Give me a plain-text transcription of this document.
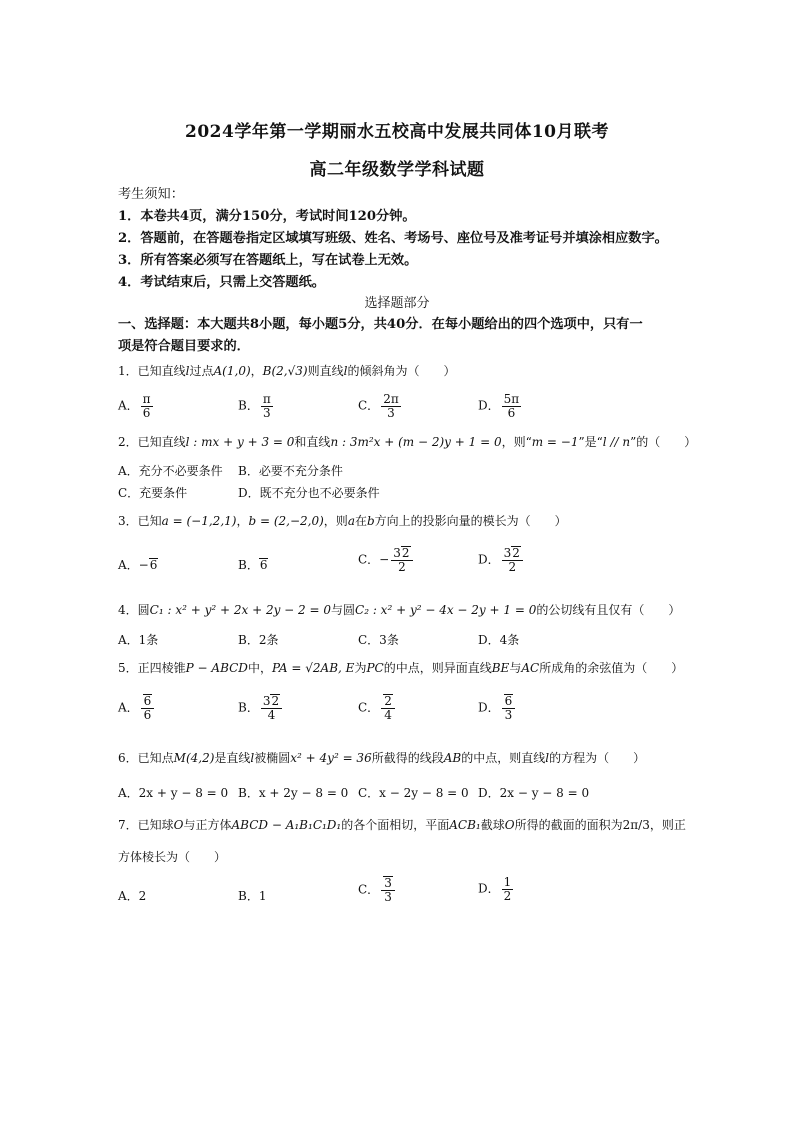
2024学年第一学期丽水五校高中发展共同体10月联考
高二年级数学学科试题
考生须知：
1．本卷共4页，满分150分，考试时间120分钟。
2．答题前，在答题卷指定区域填写班级、姓名、考场号、座位号及准考证号并填涂相应数字。
3．所有答案必须写在答题纸上，写在试卷上无效。
4．考试结束后，只需上交答题纸。
选择题部分
一、选择题：本大题共8小题，每小题5分，共40分．在每小题给出的四个选项中，只有一
项是符合题目要求的．
1．已知直线l过点A(1,0)，B(2,√3)则直线l的倾斜角为（　　）
A． $\frac{\pi}{6}$	B． $\frac{\pi}{3}$	C． $\frac{2\pi}{3}$	D． $\frac{5\pi}{6}$
2．已知直线l : mx + y + 3 = 0和直线n : 3m²x + (m − 2)y + 1 = 0，则“m = −1”是“l // n”的（　　）
A．充分不必要条件 B．必要不充分条件
C．充要条件	D．既不充分也不必要条件
3．已知a = (−1,2,1)，b = (2,−2,0)，则a在b方向上的投影向量的模长为（　　）
A．−6	B．6	C．− $\frac{32}{2}$	D． $\frac{32}{2}$
4．圆C₁ : x² + y² + 2x + 2y − 2 = 0与圆C₂ : x² + y² − 4x − 2y + 1 = 0的公切线有且仅有（　　）
A．1条	B．2条	C．3条	D．4条
5．正四棱锥P − ABCD中，PA = √2AB, E为PC的中点，则异面直线BE与AC所成角的余弦值为（　　）
A． $\frac{6}{6}$	B． $\frac{32}{4}$	C． $\frac{2}{4}$	D． $\frac{6}{3}$
6．已知点M(4,2)是直线l被椭圆x² + 4y² = 36所截得的线段AB的中点，则直线l的方程为（　　）
A．2x + y − 8 = 0 B．x + 2y − 8 = 0 C．x − 2y − 8 = 0 D．2x − y − 8 = 0
7．已知球O与正方体ABCD − A₁B₁C₁D₁的各个面相切，平面ACB₁截球O所得的截面的面积为2π/3，则正
方体棱长为（　　）
A．2	B．1	C． $\frac{3}{3}$	D． $\frac{1}{2}$
